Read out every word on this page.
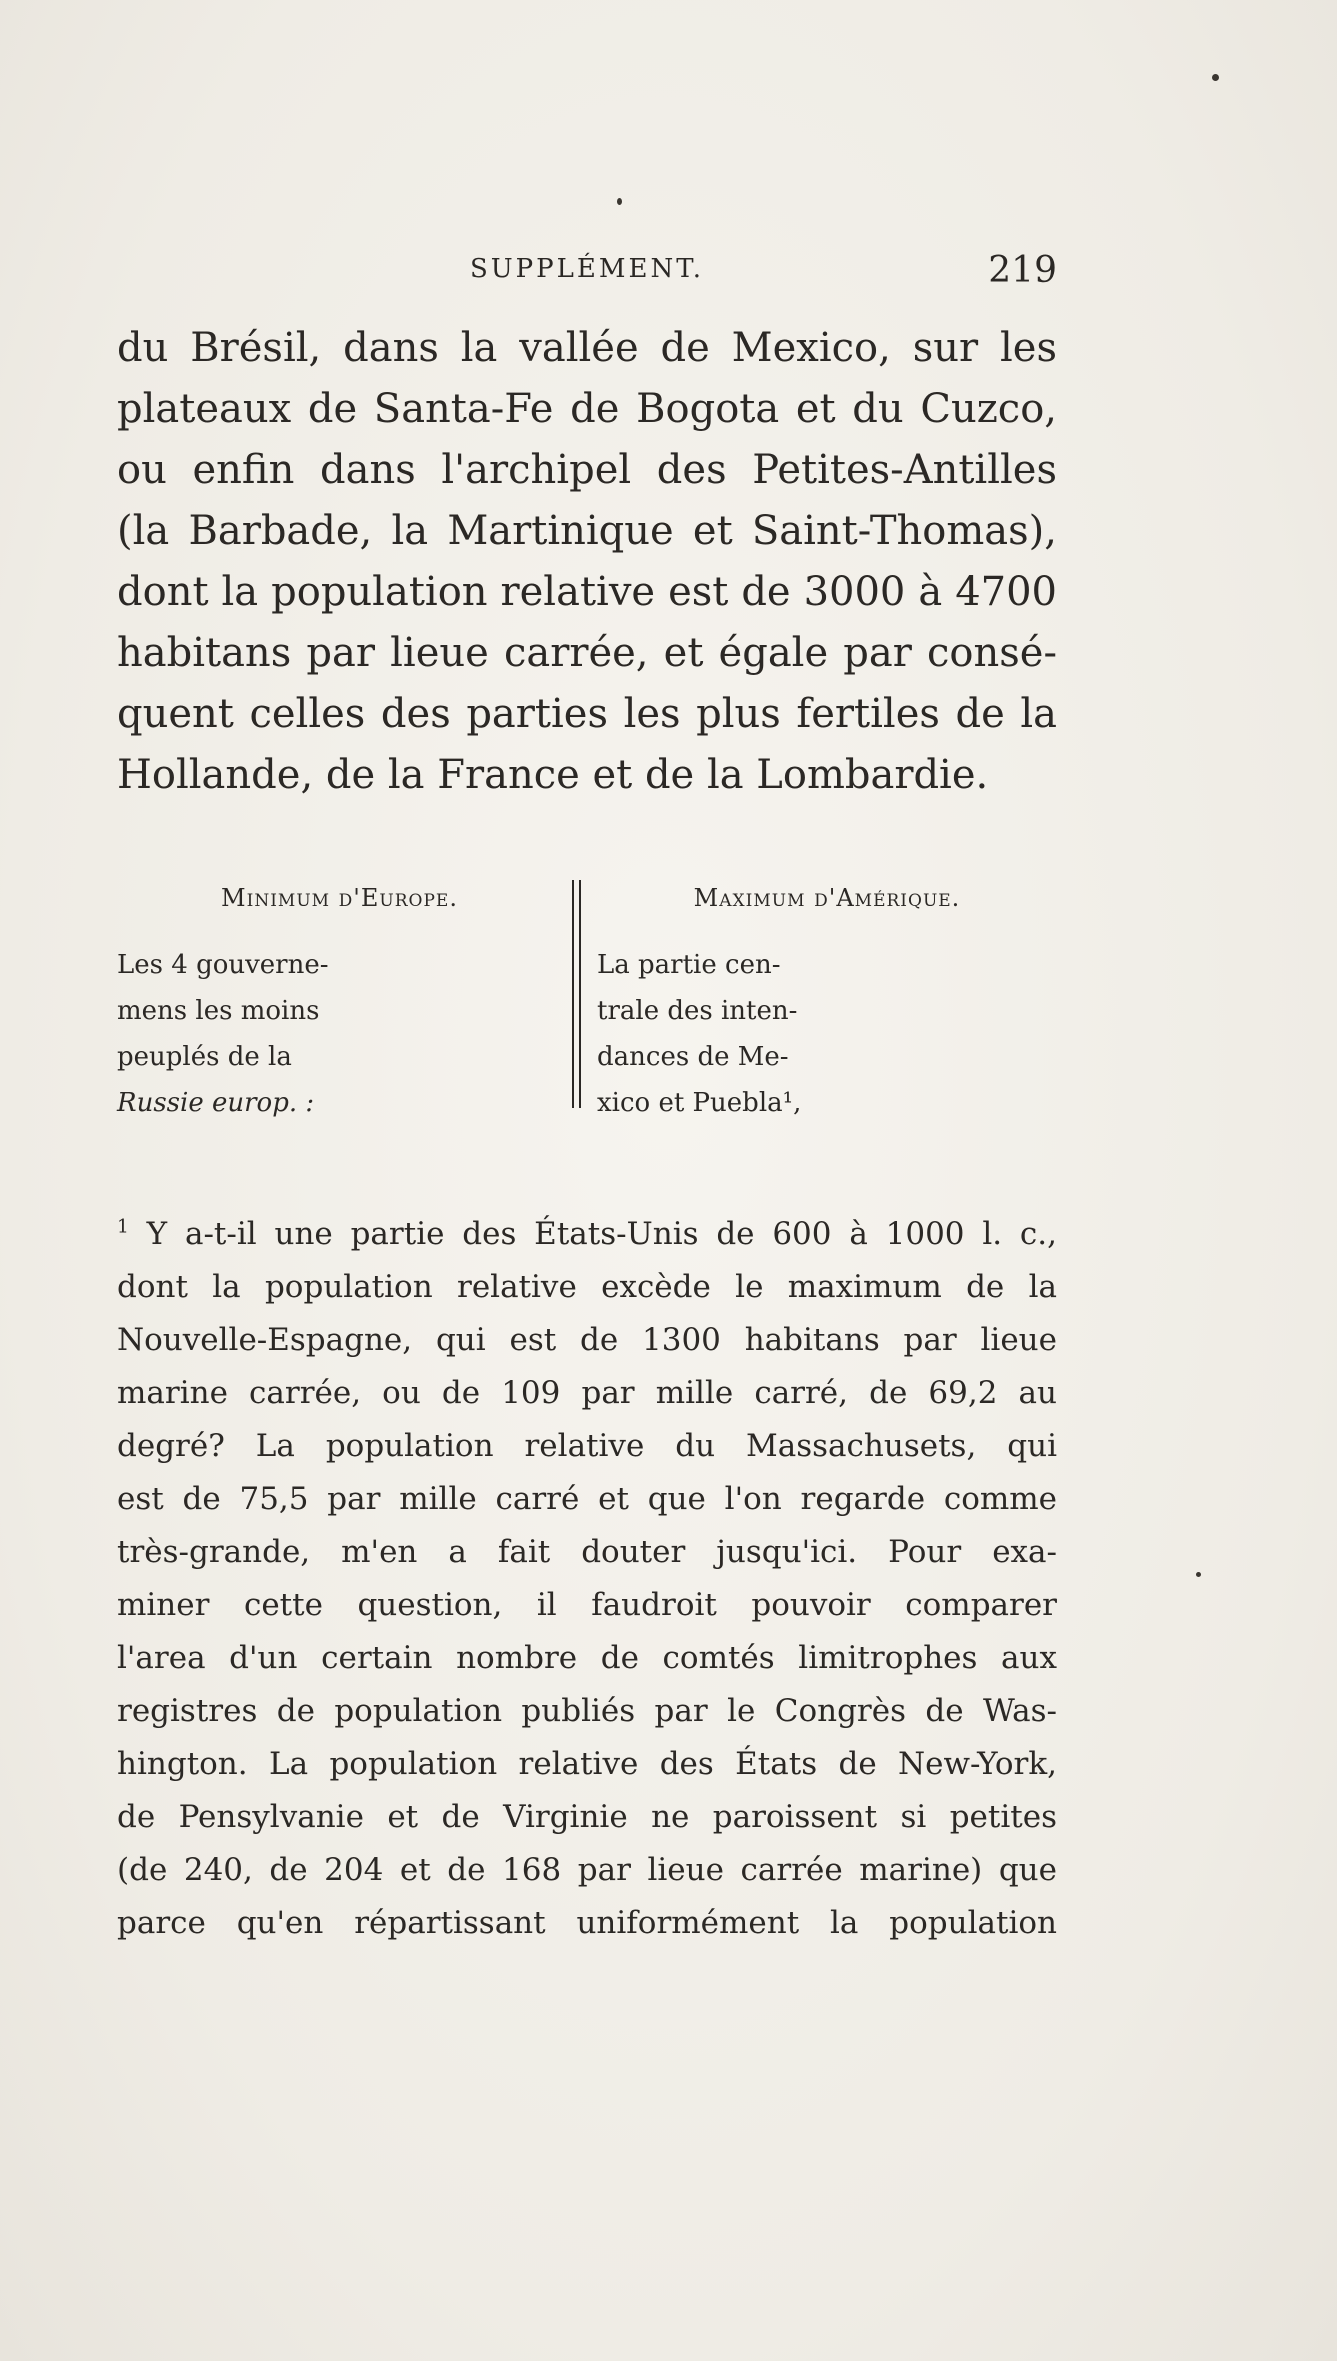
SUPPLÉMENT.	219
du Brésil, dans la vallée de Mexico, sur les
plateaux de Santa-Fe de Bogota et du Cuzco,
ou enfin dans l'archipel des Petites-Antilles
(la Barbade, la Martinique et Saint-Thomas),
dont la population relative est de 3000 à 4700
habitans par lieue carrée, et égale par consé-
quent celles des parties les plus fertiles de la
Hollande, de la France et de la Lombardie.
Minimum d'Europe.
Les 4 gouverne-
mens les moins
peuplés de la
Russie europ. :
Maximum d'Amérique.
La partie cen-
trale des inten-
dances de Me-
xico et Puebla¹,
$^1$ Y a-t-il une partie des États-Unis de 600 à 1000 l. c.,
dont la population relative excède le maximum de la
Nouvelle-Espagne, qui est de 1300 habitans par lieue
marine carrée, ou de 109 par mille carré, de 69,2 au
degré? La population relative du Massachusets, qui
est de 75,5 par mille carré et que l'on regarde comme
très-grande, m'en a fait douter jusqu'ici. Pour exa-
miner cette question, il faudroit pouvoir comparer
l'area d'un certain nombre de comtés limitrophes aux
registres de population publiés par le Congrès de Was-
hington. La population relative des États de New-York,
de Pensylvanie et de Virginie ne paroissent si petites
(de 240, de 204 et de 168 par lieue carrée marine) que
parce qu'en répartissant uniformément la population
